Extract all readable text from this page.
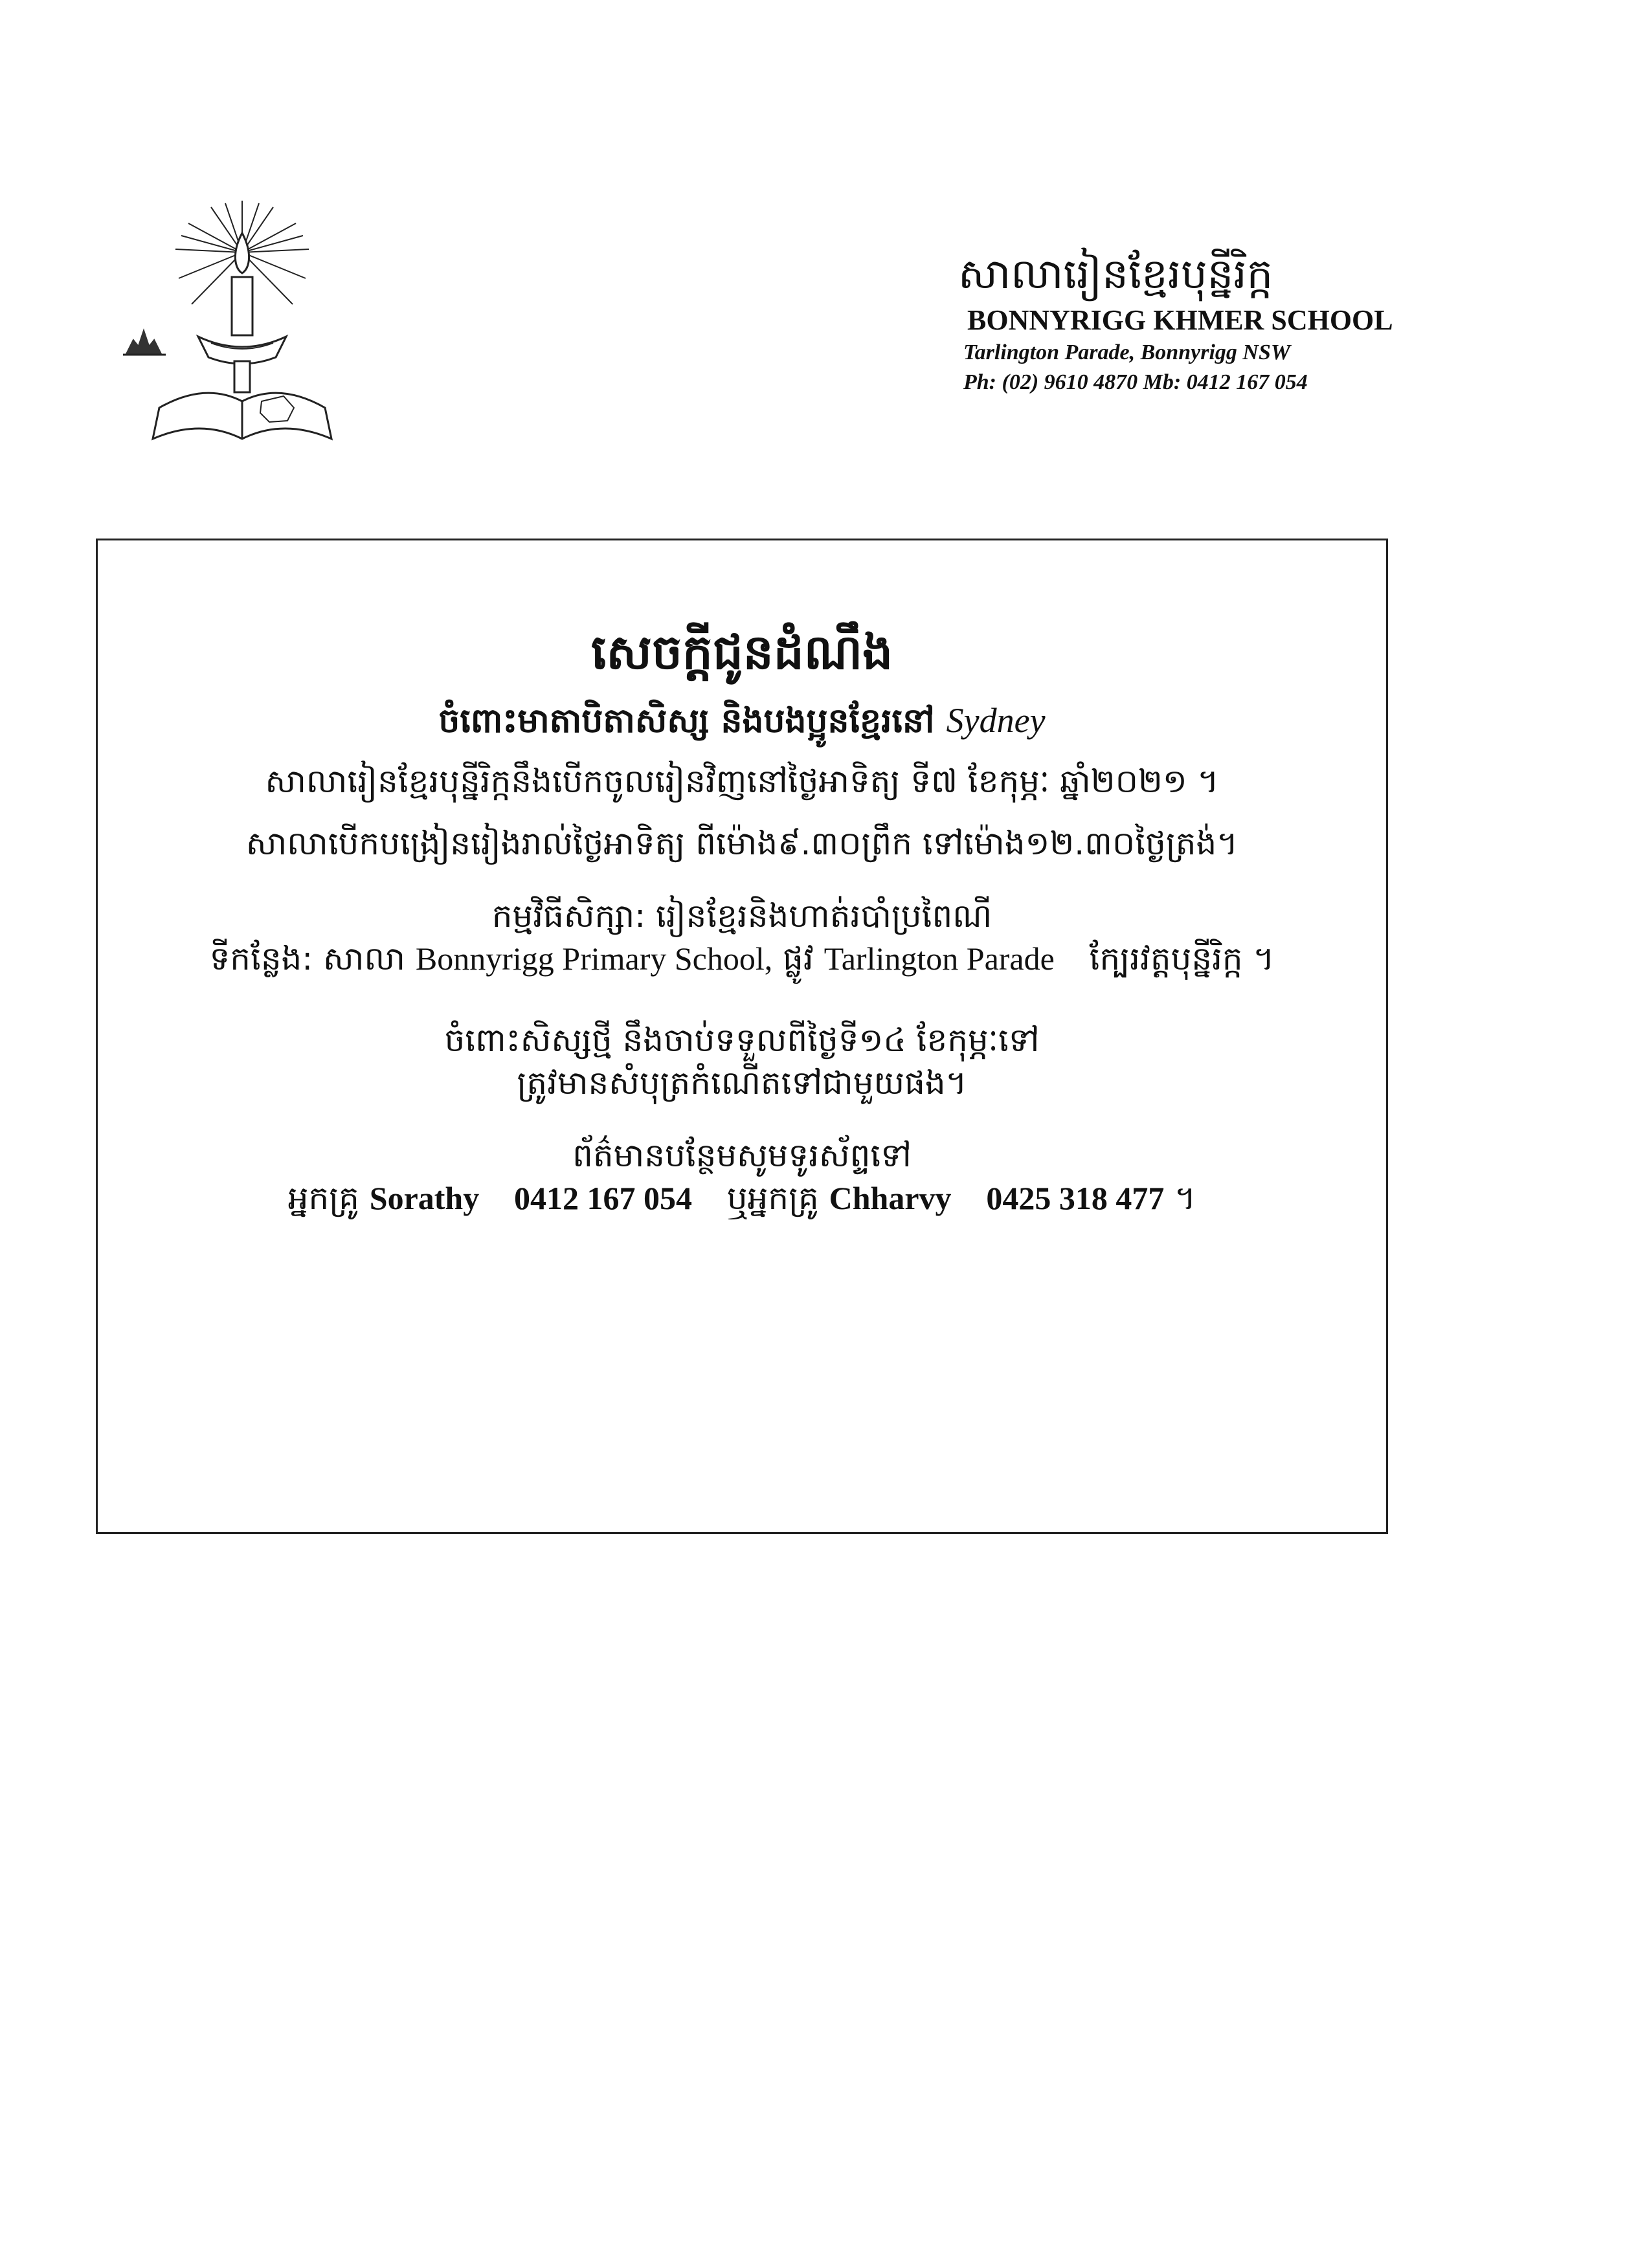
សាលារៀនខ្មែរបុន្នីរិក្ក
BONNYRIGG KHMER SCHOOL
Tarlington Parade, Bonnyrigg NSW
Ph: (02) 9610 4870 Mb: 0412 167 054
សេចក្ដីជូនដំណឹង
ចំពោះមាតាបិតាសិស្ស និងបងប្អូនខ្មែរនៅ Sydney
សាលារៀនខ្មែរបុន្នីរិក្កនឹងបើកចូលរៀនវិញនៅថ្ងៃអាទិត្យ ទី៧ ខែកុម្ភៈ ឆ្នាំ២០២១ ។
សាលាបើកបង្រៀនរៀងរាល់ថ្ងៃអាទិត្យ ពីម៉ោង៩.៣០ព្រឹក ទៅម៉ោង១២.៣០ថ្ងៃត្រង់។
កម្មវិធីសិក្សា: រៀនខ្មែរនិងហាត់របាំប្រពៃណី
ទីកន្លែង: សាលា Bonnyrigg Primary School, ផ្លូវ Tarlington Parade ក្បែរវត្តបុន្នីរិក្ក ។
ចំពោះសិស្សថ្មី នឹងចាប់ទទួលពីថ្ងៃទី១៤ ខែកុម្ភៈទៅ
ត្រូវមានសំបុត្រកំណើតទៅជាមួយផង។
ព័ត៌មានបន្ថែមសូមទូរស័ព្ទទៅ
អ្នកគ្រូ Sorathy 0412 167 054 ឬអ្នកគ្រូ Chharvy 0425 318 477 ។
